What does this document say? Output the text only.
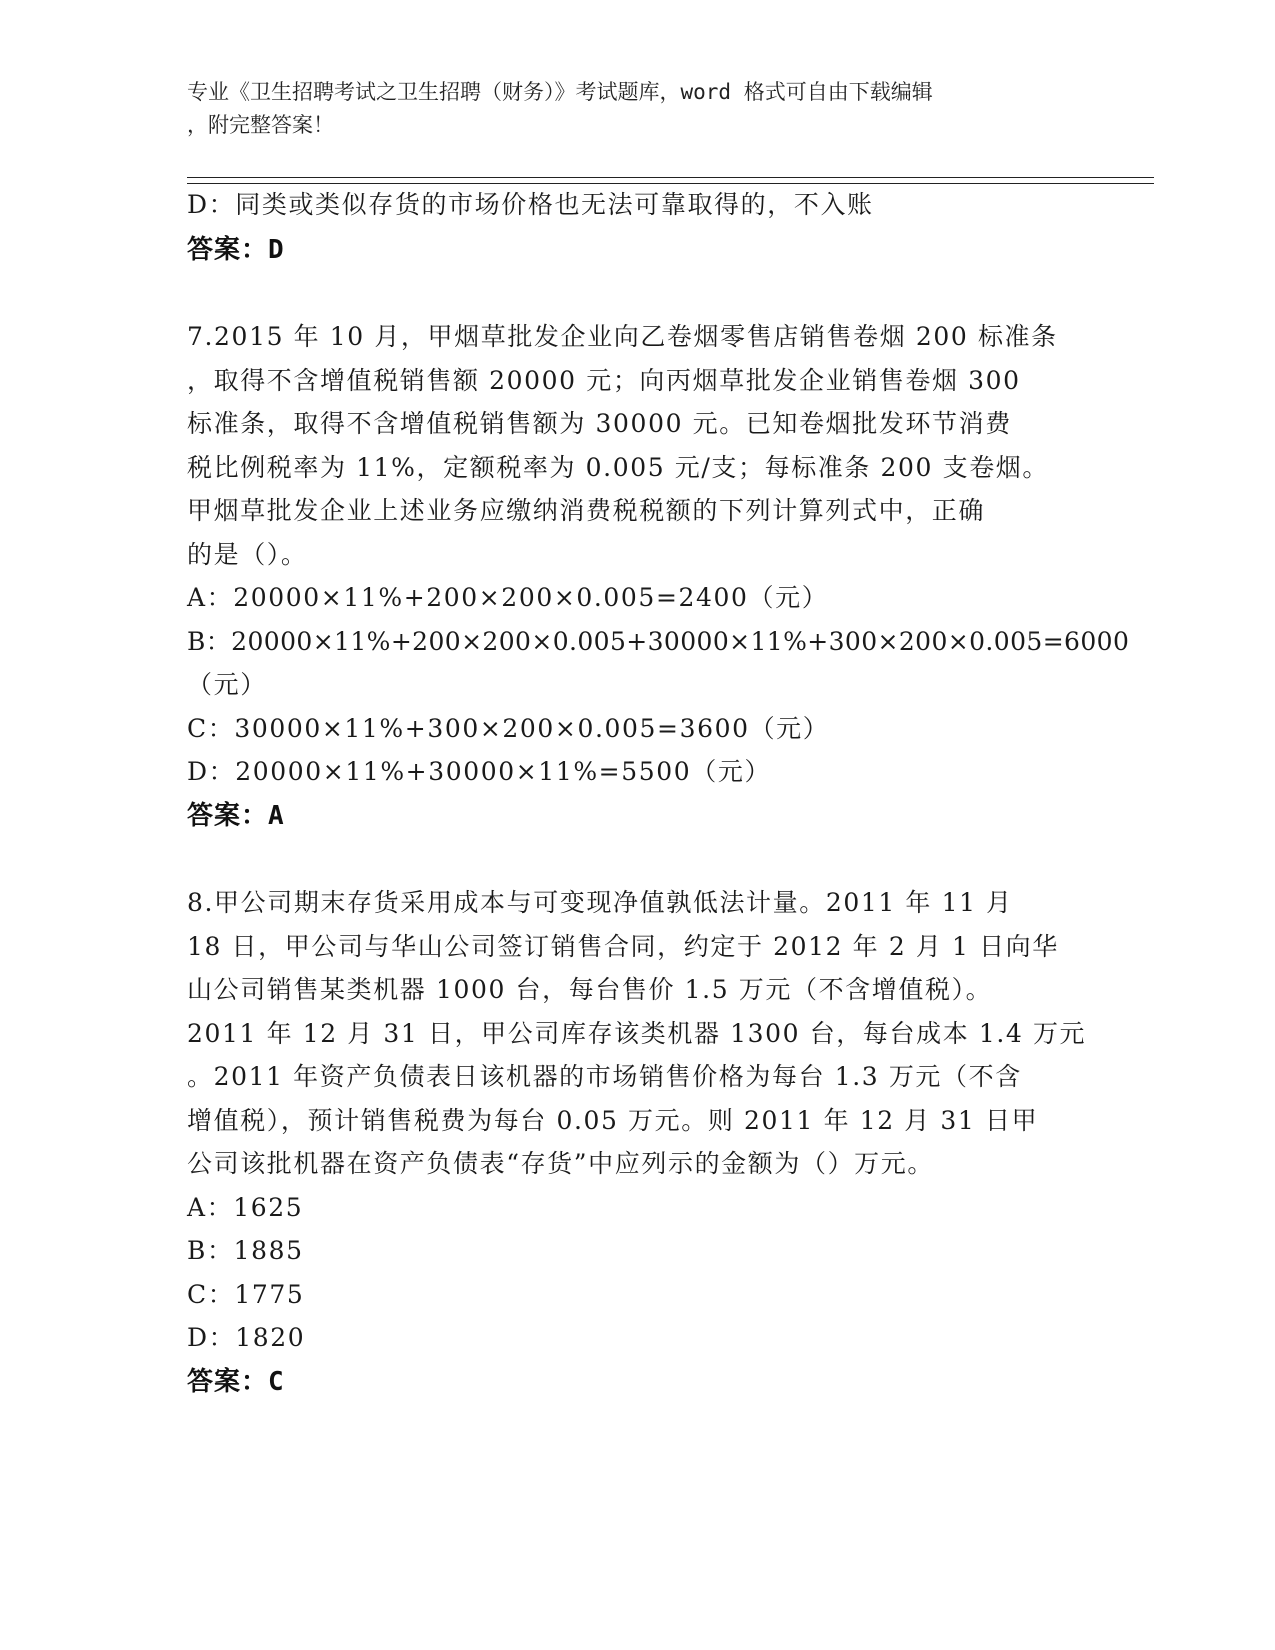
专业《卫生招聘考试之卫生招聘（财务）》考试题库，word 格式可自由下载编辑
，附完整答案！
D：同类或类似存货的市场价格也无法可靠取得的，不入账
答案：D
7.2015 年 10 月，甲烟草批发企业向乙卷烟零售店销售卷烟 200 标准条
，取得不含增值税销售额 20000 元；向丙烟草批发企业销售卷烟 300
标准条，取得不含增值税销售额为 30000 元。已知卷烟批发环节消费
税比例税率为 11%，定额税率为 0.005 元/支；每标准条 200 支卷烟。
甲烟草批发企业上述业务应缴纳消费税税额的下列计算列式中，正确
的是（）。
A：20000×11%+200×200×0.005=2400（元）
B：20000×11%+200×200×0.005+30000×11%+300×200×0.005=6000
（元）
C：30000×11%+300×200×0.005=3600（元）
D：20000×11%+30000×11%=5500（元）
答案：A
8.甲公司期末存货采用成本与可变现净值孰低法计量。2011 年 11 月
18 日，甲公司与华山公司签订销售合同，约定于 2012 年 2 月 1 日向华
山公司销售某类机器 1000 台，每台售价 1.5 万元（不含增值税）。
2011 年 12 月 31 日，甲公司库存该类机器 1300 台，每台成本 1.4 万元
。2011 年资产负债表日该机器的市场销售价格为每台 1.3 万元（不含
增值税），预计销售税费为每台 0.05 万元。则 2011 年 12 月 31 日甲
公司该批机器在资产负债表“存货”中应列示的金额为（）万元。
A：1625
B：1885
C：1775
D：1820
答案：C
